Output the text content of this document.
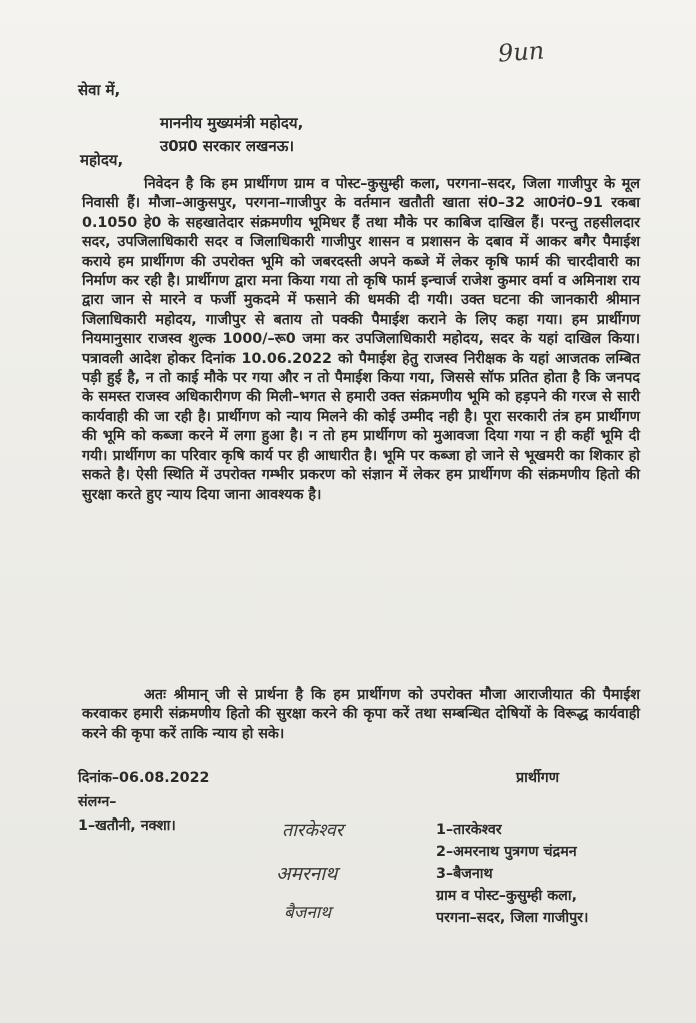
9un
सेवा में,
माननीय मुख्यमंत्री महोदय,
उ0प्र0 सरकार लखनऊ।
महोदय,
निवेदन है कि हम प्रार्थीगण ग्राम व पोस्ट–कुसुम्ही कला, परगना–सदर, जिला गाजीपुर के मूल निवासी हैं। मौजा–आकुसपुर, परगना–गाजीपुर के वर्तमान खतौती खाता सं0–32 आ0नं0–91 रकबा 0.1050 हे0 के सहखातेदार संक्रमणीय भूमिधर हैं तथा मौके पर काबिज दाखिल हैं। परन्तु तहसीलदार सदर, उपजिलाधिकारी सदर व जिलाधिकारी गाजीपुर शासन व प्रशासन के दबाव में आकर बगैर पैमाईश कराये हम प्रार्थीगण की उपरोक्त भूमि को जबरदस्ती अपने कब्जे में लेकर कृषि फार्म की चारदीवारी का निर्माण कर रही है। प्रार्थीगण द्वारा मना किया गया तो कृषि फार्म इन्चार्ज राजेश कुमार वर्मा व अमिनाश राय द्वारा जान से मारने व फर्जी मुकदमे में फसाने की धमकी दी गयी। उक्त घटना की जानकारी श्रीमान जिलाधिकारी महोदय, गाजीपुर से बताय तो पक्की पैमाईश कराने के लिए कहा गया। हम प्रार्थीगण नियमानुसार राजस्व शुल्क 1000/–रू0 जमा कर उपजिलाधिकारी महोदय, सदर के यहां दाखिल किया। पत्रावली आदेश होकर दिनांक 10.06.2022 को पैमाईश हेतु राजस्व निरीक्षक के यहां आजतक लम्बित पड़ी हुई है, न तो काई मौके पर गया और न तो पैमाईश किया गया, जिससे सॉफ प्रतित होता है कि जनपद के समस्त राजस्व अधिकारीगण की मिली–भगत से हमारी उक्त संक्रमणीय भूमि को हड़पने की गरज से सारी कार्यवाही की जा रही है। प्रार्थीगण को न्याय मिलने की कोई उम्मीद नही है। पूरा सरकारी तंत्र हम प्रार्थीगण की भूमि को कब्जा करने में लगा हुआ है। न तो हम प्रार्थीगण को मुआवजा दिया गया न ही कहीं भूमि दी गयी। प्रार्थीगण का परिवार कृषि कार्य पर ही आधारीत है। भूमि पर कब्जा हो जाने से भूखमरी का शिकार हो सकते है। ऐसी स्थिति में उपरोक्त गम्भीर प्रकरण को संज्ञान में लेकर हम प्रार्थीगण की संक्रमणीय हितो की सुरक्षा करते हुए न्याय दिया जाना आवश्यक है।
अतः श्रीमान् जी से प्रार्थना है कि हम प्रार्थीगण को उपरोक्त मौजा आराजीयात की पैमाईश करवाकर हमारी संक्रमणीय हितो की सुरक्षा करने की कृपा करें तथा सम्बन्धित दोषियों के विरूद्ध कार्यवाही करने की कृपा करें ताकि न्याय हो सके।
दिनांक–06.08.2022	प्रार्थीगण
संलग्न–
1–खतौनी, नक्शा।	तारकेश्वर
अमरनाथ
बैजनाथ
1–तारकेश्वर
2–अमरनाथ पुत्रगण चंद्रमन
3–बैजनाथ
ग्राम व पोस्ट–कुसुम्ही कला,
परगना–सदर, जिला गाजीपुर।
